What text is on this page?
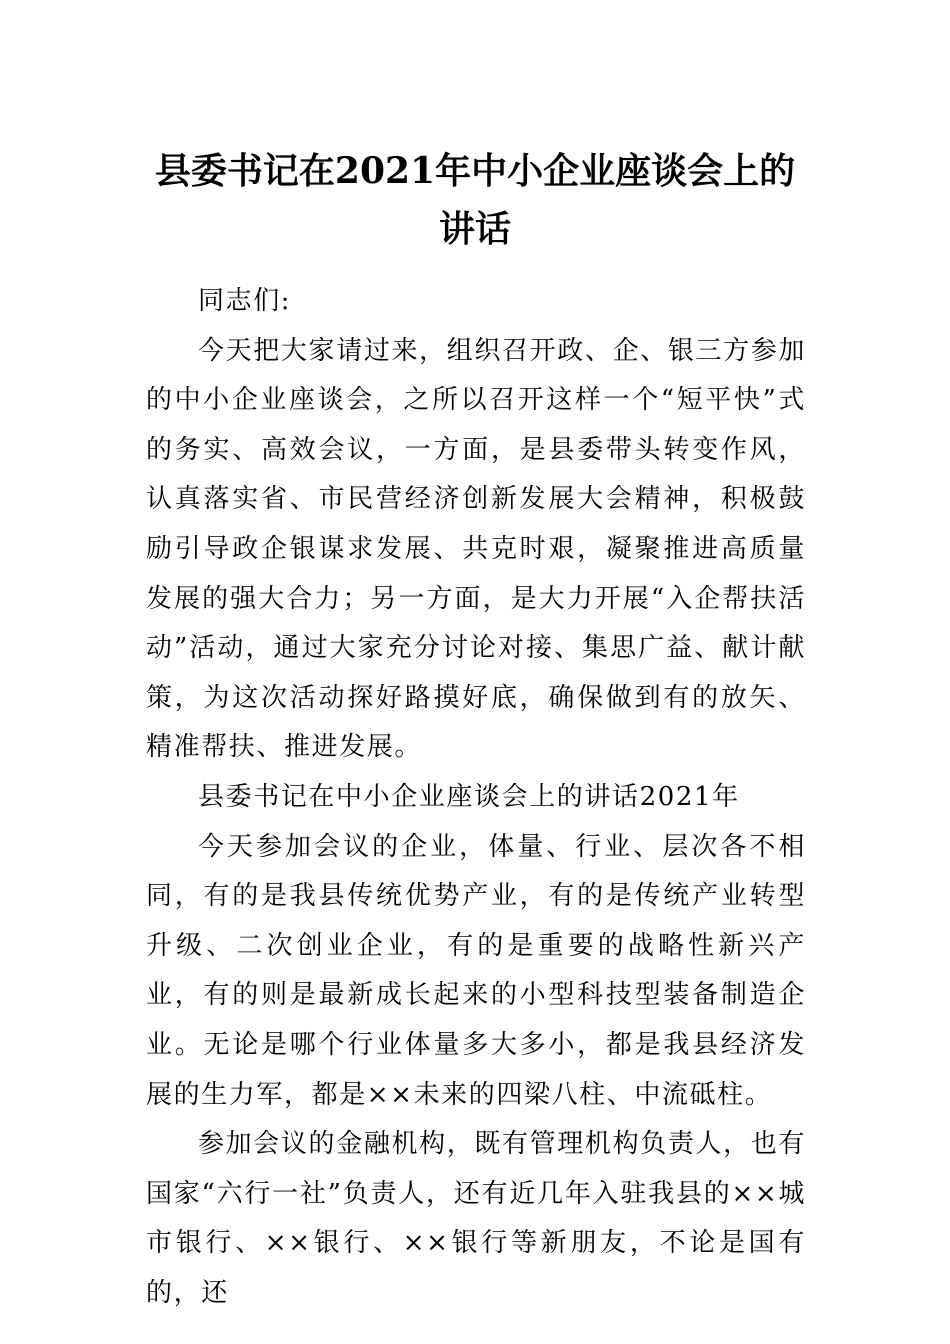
县委书记在2021年中小企业座谈会上的讲话

同志们:

今天把大家请过来，组织召开政、企、银三方参加的中小企业座谈会，之所以召开这样一个“短平快”式的务实、高效会议，一方面，是县委带头转变作风，认真落实省、市民营经济创新发展大会精神，积极鼓励引导政企银谋求发展、共克时艰，凝聚推进高质量发展的强大合力；另一方面，是大力开展“入企帮扶活动”活动，通过大家充分讨论对接、集思广益、献计献策，为这次活动探好路摸好底，确保做到有的放矢、精准帮扶、推进发展。

县委书记在中小企业座谈会上的讲话2021年

今天参加会议的企业，体量、行业、层次各不相同，有的是我县传统优势产业，有的是传统产业转型升级、二次创业企业，有的是重要的战略性新兴产业，有的则是最新成长起来的小型科技型装备制造企业。无论是哪个行业体量多大多小，都是我县经济发展的生力军，都是××未来的四梁八柱、中流砥柱。

参加会议的金融机构，既有管理机构负责人，也有国家“六行一社”负责人，还有近几年入驻我县的××城市银行、××银行、××银行等新朋友，不论是国有的，还
